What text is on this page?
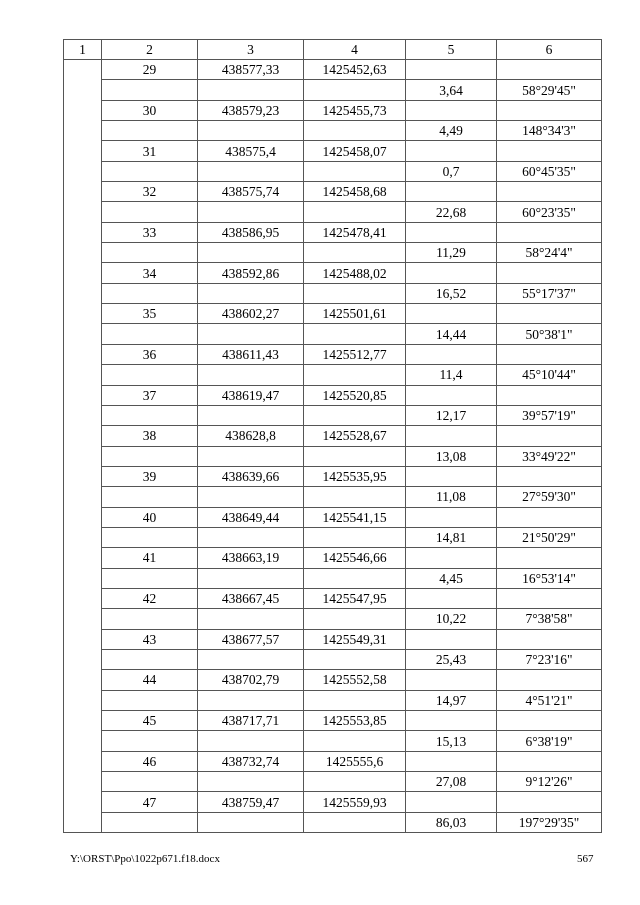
1	2	3	4	5	6
	29	438577,33	1425452,63		
				3,64	58°29'45"
	30	438579,23	1425455,73		
				4,49	148°34'3"
	31	438575,4	1425458,07		
				0,7	60°45'35"
	32	438575,74	1425458,68		
				22,68	60°23'35"
	33	438586,95	1425478,41		
				11,29	58°24'4"
	34	438592,86	1425488,02		
				16,52	55°17'37"
	35	438602,27	1425501,61		
				14,44	50°38'1"
	36	438611,43	1425512,77		
				11,4	45°10'44"
	37	438619,47	1425520,85		
				12,17	39°57'19"
	38	438628,8	1425528,67		
				13,08	33°49'22"
	39	438639,66	1425535,95		
				11,08	27°59'30"
	40	438649,44	1425541,15		
				14,81	21°50'29"
	41	438663,19	1425546,66		
				4,45	16°53'14"
	42	438667,45	1425547,95		
				10,22	7°38'58"
	43	438677,57	1425549,31		
				25,43	7°23'16"
	44	438702,79	1425552,58		
				14,97	4°51'21"
	45	438717,71	1425553,85		
				15,13	6°38'19"
	46	438732,74	1425555,6		
				27,08	9°12'26"
	47	438759,47	1425559,93		
				86,03	197°29'35"
Y:\ORST\Ppo\1022p671.f18.docx	567
